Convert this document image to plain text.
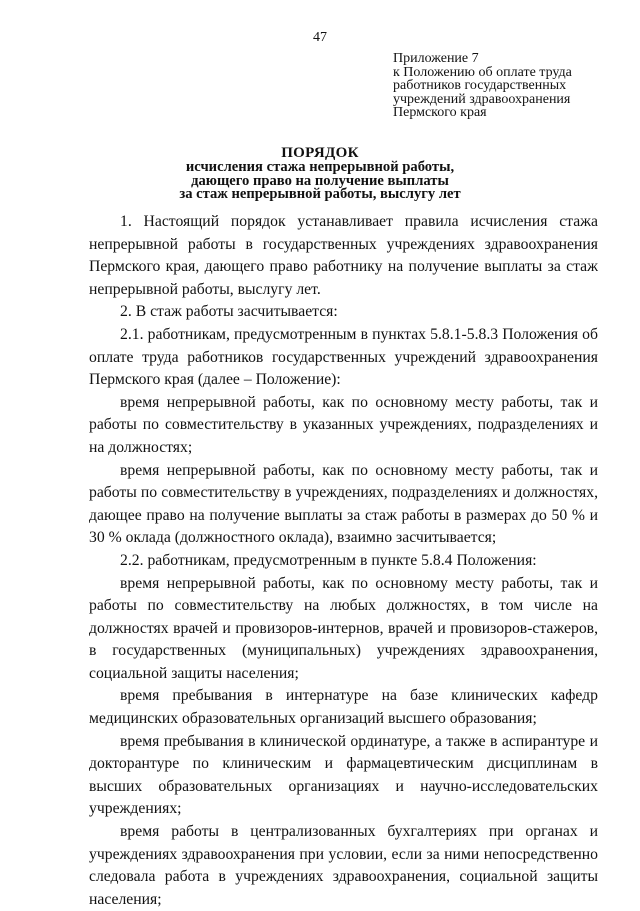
47
Приложение 7
к Положению об оплате труда
работников государственных
учреждений здравоохранения
Пермского края
ПОРЯДОК
исчисления стажа непрерывной работы,
дающего право на получение выплаты
за стаж непрерывной работы, выслугу лет

1. Настоящий порядок устанавливает правила исчисления стажа непрерывной работы в государственных учреждениях здравоохранения Пермского края, дающего право работнику на получение выплаты за стаж непрерывной работы, выслугу лет.

2. В стаж работы засчитывается:

2.1. работникам, предусмотренным в пунктах 5.8.1-5.8.3 Положения об оплате труда работников государственных учреждений здравоохранения Пермского края (далее – Положение):

время непрерывной работы, как по основному месту работы, так и работы по совместительству в указанных учреждениях, подразделениях и на должностях;

время непрерывной работы, как по основному месту работы, так и работы по совместительству в учреждениях, подразделениях и должностях, дающее право на получение выплаты за стаж работы в размерах до 50 % и 30 % оклада (должностного оклада), взаимно засчитывается;

2.2. работникам, предусмотренным в пункте 5.8.4 Положения:

время непрерывной работы, как по основному месту работы, так и работы по совместительству на любых должностях, в том числе на должностях врачей и провизоров-интернов, врачей и провизоров-стажеров, в государственных (муниципальных) учреждениях здравоохранения, социальной защиты населения;

время пребывания в интернатуре на базе клинических кафедр медицинских образовательных организаций высшего образования;

время пребывания в клинической ординатуре, а также в аспирантуре и докторантуре по клиническим и фармацевтическим дисциплинам в высших образовательных организациях и научно-исследовательских учреждениях;

время работы в централизованных бухгалтериях при органах и учреждениях здравоохранения при условии, если за ними непосредственно следовала работа в учреждениях здравоохранения, социальной защиты населения;
